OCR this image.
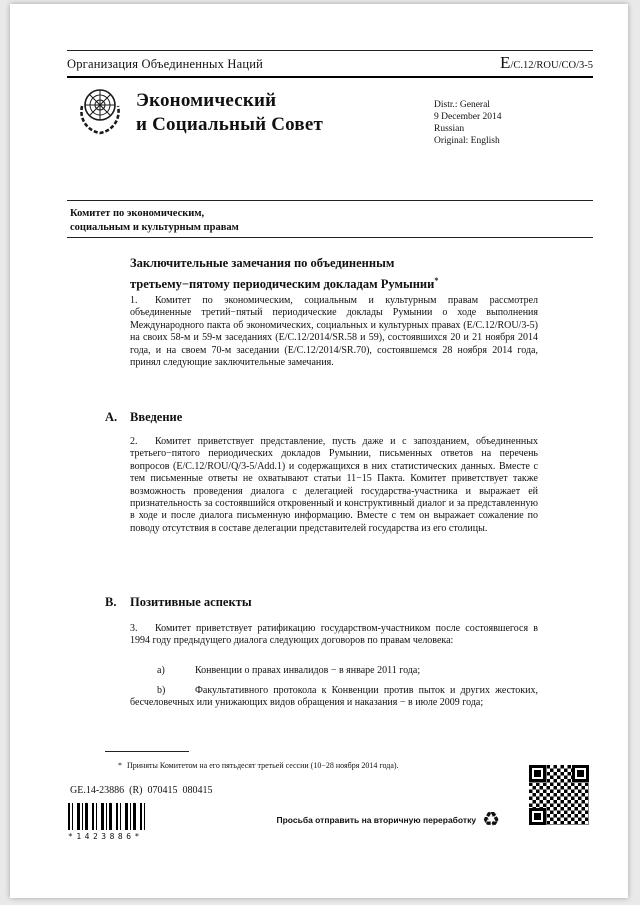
Организация Объединенных Наций	E/C.12/ROU/CO/3-5
Экономический
и Социальный Совет
Distr.: General
9 December 2014
Russian
Original: English
Комитет по экономическим,
социальным и культурным правам
Заключительные замечания по объединенным
третьему−пятому периодическим докладам Румынии*

1. Комитет по экономическим, социальным и культурным правам рассмотрел объединенные третий−пятый периодические доклады Румынии о ходе выполнения Международного пакта об экономических, социальных и культурных правах (E/C.12/ROU/3-5) на своих 58-м и 59-м заседаниях (E/C.12/2014/SR.58 и 59), состоявшихся 20 и 21 ноября 2014 года, и на своем 70-м заседании (E/C.12/2014/SR.70), состоявшемся 28 ноября 2014 года, принял следующие заключительные замечания.

A. Введение

2. Комитет приветствует представление, пусть даже и с запозданием, объединенных третьего−пятого периодических докладов Румынии, письменных ответов на перечень вопросов (E/C.12/ROU/Q/3-5/Add.1) и содержащихся в них статистических данных. Вместе с тем письменные ответы не охватывают статьи 11−15 Пакта. Комитет приветствует также возможность проведения диалога с делегацией государства-участника и выражает ей признательность за состоявшийся откровенный и конструктивный диалог и за представленную в ходе и после диалога письменную информацию. Вместе с тем он выражает сожаление по поводу отсутствия в составе делегации представителей государства из его столицы.

B. Позитивные аспекты

3. Комитет приветствует ратификацию государством-участником после состоявшегося в 1994 году предыдущего диалога следующих договоров по правам человека:

a)	Конвенции о правах инвалидов − в январе 2011 года;

b)	Факультативного протокола к Конвенции против пыток и других жестоких, бесчеловечных или унижающих видов обращения и наказания − в июле 2009 года;

* Приняты Комитетом на его пятьдесят третьей сессии (10−28 ноября 2014 года).
GE.14-23886  (R)  070415  080415
*1423886*
Просьба отправить на вторичную переработку ♻
